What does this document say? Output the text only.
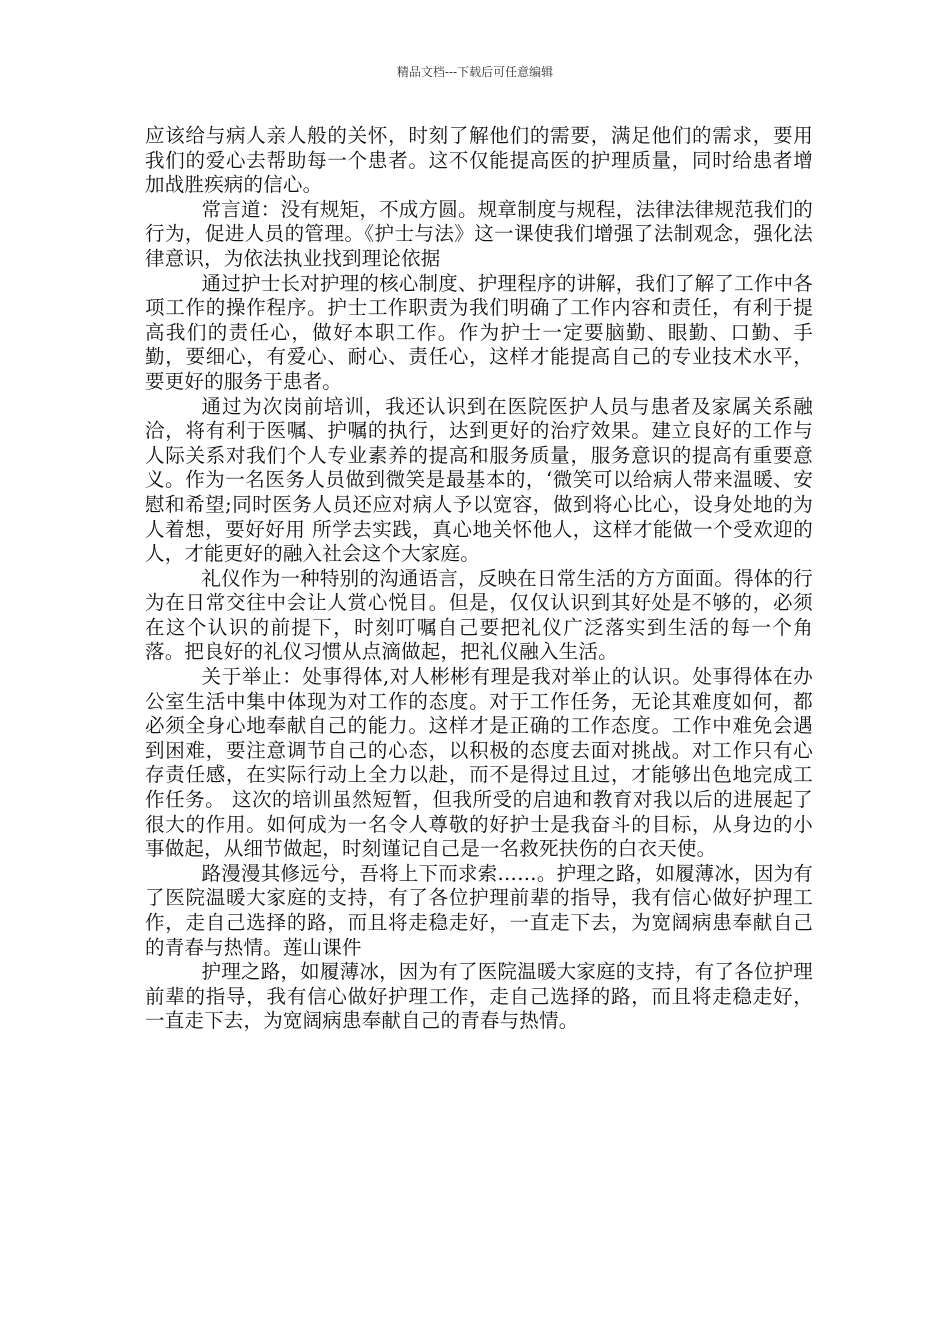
精品文档---下载后可任意编辑

应该给与病人亲人般的关怀，时刻了解他们的需要，满足他们的需求，要用我们的爱心去帮助每一个患者。这不仅能提高医的护理质量，同时给患者增加战胜疾病的信心。

常言道：没有规矩，不成方圆。规章制度与规程，法律法律规范我们的行为，促进人员的管理。《护士与法》这一课使我们增强了法制观念，强化法律意识，为依法执业找到理论依据

通过护士长对护理的核心制度、护理程序的讲解，我们了解了工作中各项工作的操作程序。护士工作职责为我们明确了工作内容和责任，有利于提高我们的责任心，做好本职工作。作为护士一定要脑勤、眼勤、口勤、手勤，要细心，有爱心、耐心、责任心，这样才能提高自己的专业技术水平，要更好的服务于患者。

通过为次岗前培训，我还认识到在医院医护人员与患者及家属关系融洽，将有利于医嘱、护嘱的执行，达到更好的治疗效果。建立良好的工作与人际关系对我们个人专业素养的提高和服务质量，服务意识的提高有重要意义。作为一名医务人员做到微笑是最基本的，‘微笑可以给病人带来温暖、安慰和希望;同时医务人员还应对病人予以宽容，做到将心比心，设身处地的为人着想，要好好用 所学去实践，真心地关怀他人，这样才能做一个受欢迎的人，才能更好的融入社会这个大家庭。

礼仪作为一种特别的沟通语言，反映在日常生活的方方面面。得体的行为在日常交往中会让人赏心悦目。但是，仅仅认识到其好处是不够的，必须在这个认识的前提下，时刻叮嘱自己要把礼仪广泛落实到生活的每一个角落。把良好的礼仪习惯从点滴做起，把礼仪融入生活。

关于举止：处事得体,对人彬彬有理是我对举止的认识。处事得体在办公室生活中集中体现为对工作的态度。对于工作任务，无论其难度如何，都必须全身心地奉献自己的能力。这样才是正确的工作态度。工作中难免会遇到困难，要注意调节自己的心态，以积极的态度去面对挑战。对工作只有心存责任感，在实际行动上全力以赴，而不是得过且过，才能够出色地完成工作任务。 这次的培训虽然短暂，但我所受的启迪和教育对我以后的进展起了很大的作用。如何成为一名令人尊敬的好护士是我奋斗的目标，从身边的小事做起，从细节做起，时刻谨记自己是一名救死扶伤的白衣天使。

路漫漫其修远兮，吾将上下而求索……。护理之路，如履薄冰，因为有了医院温暖大家庭的支持，有了各位护理前辈的指导，我有信心做好护理工作，走自己选择的路，而且将走稳走好，一直走下去，为宽阔病患奉献自己的青春与热情。莲山课件

护理之路，如履薄冰，因为有了医院温暖大家庭的支持，有了各位护理前辈的指导，我有信心做好护理工作，走自己选择的路，而且将走稳走好，一直走下去，为宽阔病患奉献自己的青春与热情。
